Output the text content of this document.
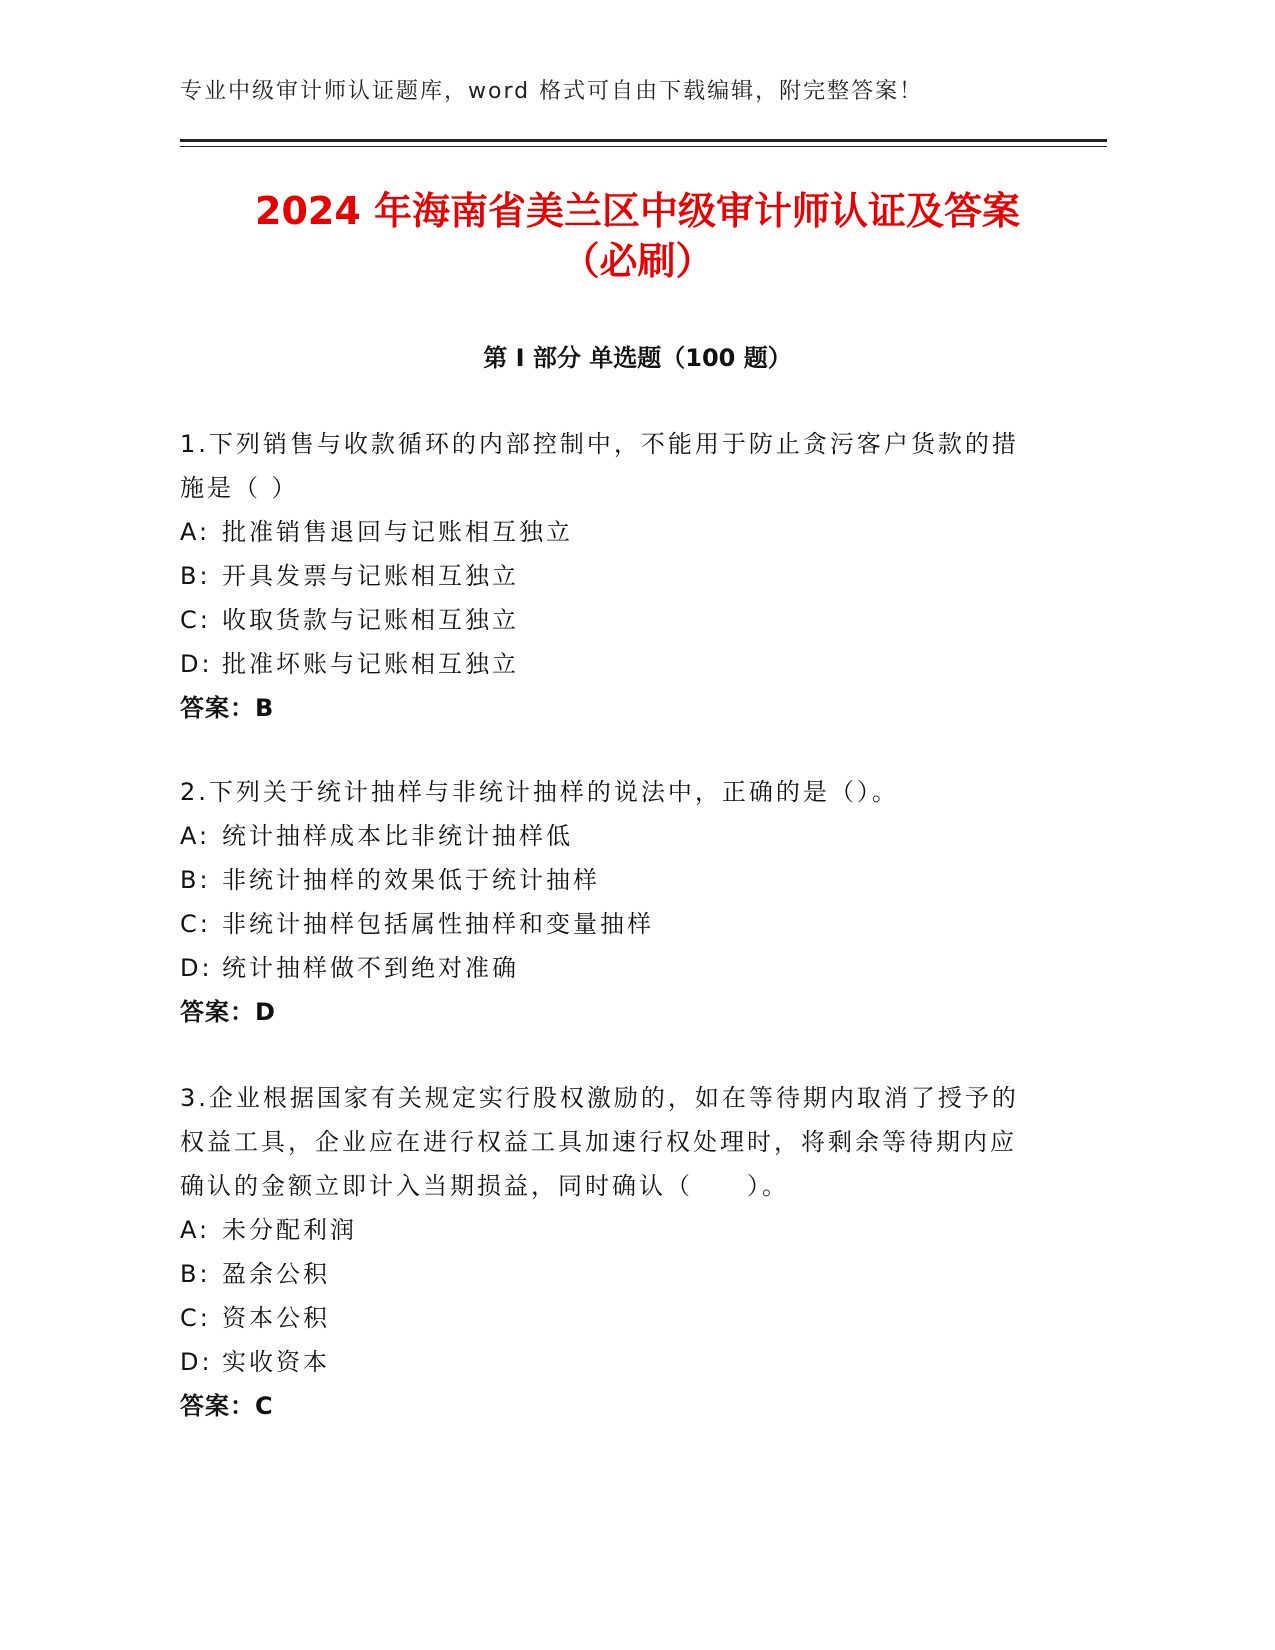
专业中级审计师认证题库，word 格式可自由下载编辑，附完整答案！
2024 年海南省美兰区中级审计师认证及答案
（必刷）
第 I 部分 单选题（100 题）

1.下列销售与收款循环的内部控制中，不能用于防止贪污客户货款的措施是（ ）

A: 批准销售退回与记账相互独立

B: 开具发票与记账相互独立

C: 收取货款与记账相互独立

D: 批准坏账与记账相互独立

答案：B

2.下列关于统计抽样与非统计抽样的说法中，正确的是（）。

A: 统计抽样成本比非统计抽样低

B: 非统计抽样的效果低于统计抽样

C: 非统计抽样包括属性抽样和变量抽样

D: 统计抽样做不到绝对准确

答案：D

3.企业根据国家有关规定实行股权激励的，如在等待期内取消了授予的权益工具，企业应在进行权益工具加速行权处理时，将剩余等待期内应确认的金额立即计入当期损益，同时确认（　　）。

A: 未分配利润

B: 盈余公积

C: 资本公积

D: 实收资本

答案：C
